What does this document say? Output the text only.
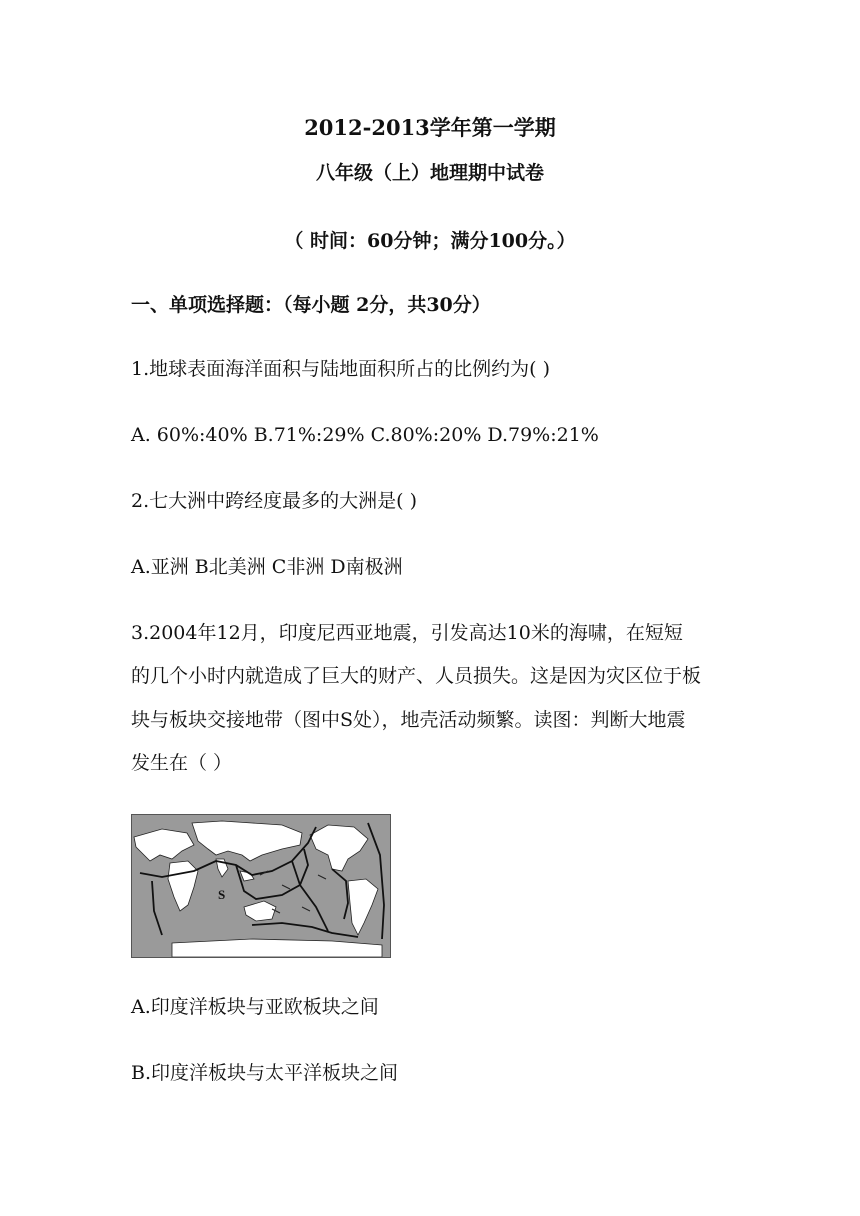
2012-2013学年第一学期
八年级（上）地理期中试卷
（ 时间：60分钟；满分100分。）
一、单项选择题：（每小题 2分，共30分）
1.地球表面海洋面积与陆地面积所占的比例约为( )
A. 60%:40% B.71%:29% C.80%:20% D.79%:21%
2.七大洲中跨经度最多的大洲是( )
A.亚洲 B北美洲 C非洲 D南极洲
3.2004年12月，印度尼西亚地震，引发高达10米的海啸，在短短
的几个小时内就造成了巨大的财产、人员损失。这是因为灾区位于板
块与板块交接地带（图中S处），地壳活动频繁。读图：判断大地震
发生在（ ）
S
A.印度洋板块与亚欧板块之间
B.印度洋板块与太平洋板块之间
